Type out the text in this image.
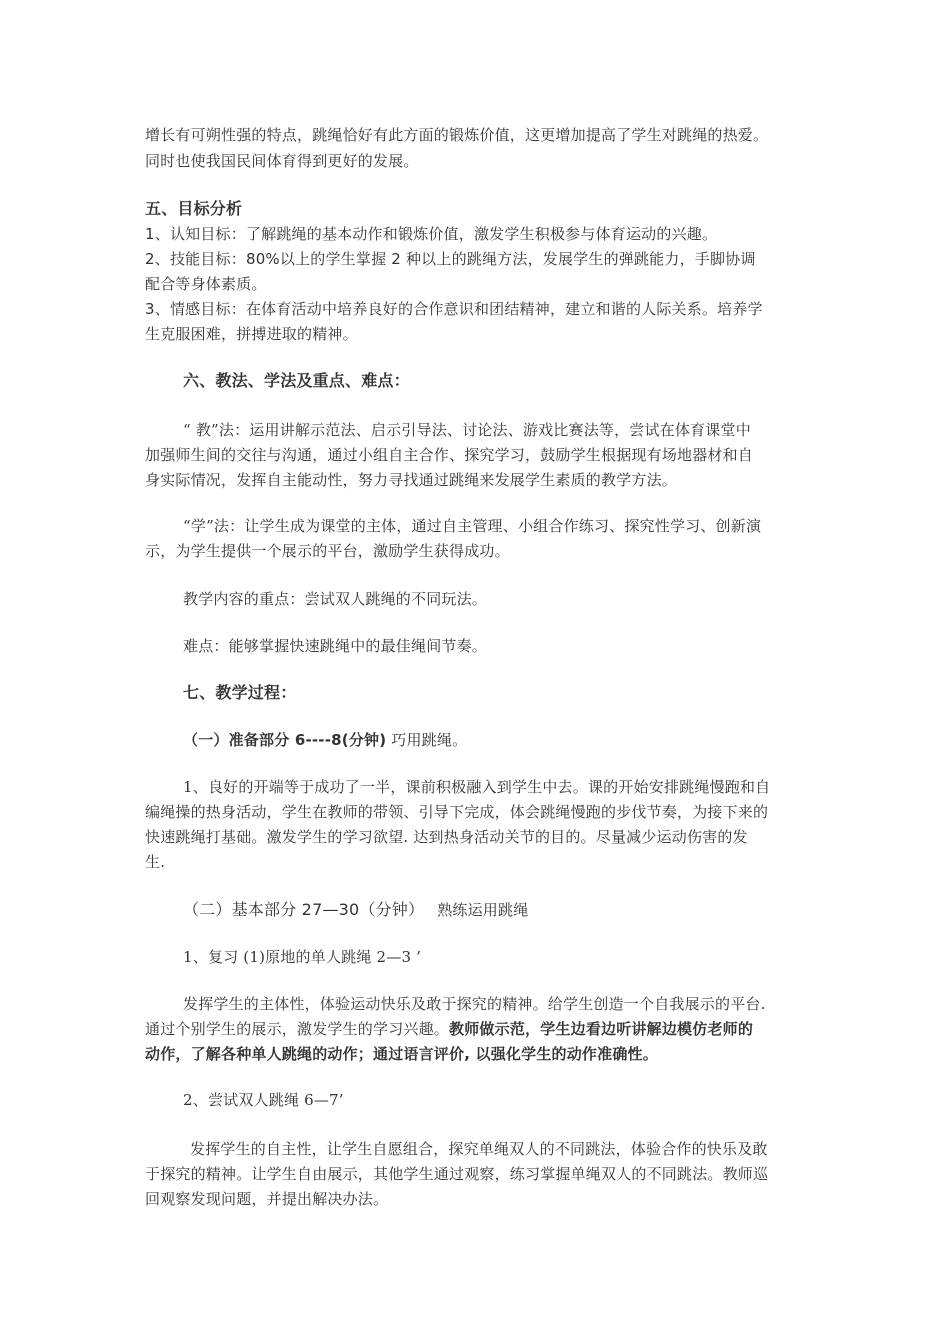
增长有可朔性强的特点，跳绳恰好有此方面的锻炼价值，这更增加提高了学生对跳绳的热爱。
同时也使我国民间体育得到更好的发展。
五、目标分析
1、认知目标：了解跳绳的基本动作和锻炼价值，激发学生积极参与体育运动的兴趣。
2、技能目标：80%以上的学生掌握 2 种以上的跳绳方法，发展学生的弹跳能力，手脚协调
配合等身体素质。
3、情感目标：在体育活动中培养良好的合作意识和团结精神，建立和谐的人际关系。培养学
生克服困难，拼搏进取的精神。
六、教法、学法及重点、难点：
“ 教”法：运用讲解示范法、启示引导法、讨论法、游戏比赛法等，尝试在体育课堂中
加强师生间的交往与沟通，通过小组自主合作、探究学习，鼓励学生根据现有场地器材和自
身实际情况，发挥自主能动性，努力寻找通过跳绳来发展学生素质的教学方法。
“学”法：让学生成为课堂的主体，通过自主管理、小组合作练习、探究性学习、创新演
示，为学生提供一个展示的平台，激励学生获得成功。
教学内容的重点：尝试双人跳绳的不同玩法。
难点：能够掌握快速跳绳中的最佳绳间节奏。
七、教学过程：
（一）准备部分 6----8(分钟) 巧用跳绳。
1、良好的开端等于成功了一半，课前积极融入到学生中去。课的开始安排跳绳慢跑和自
编绳操的热身活动，学生在教师的带领、引导下完成，体会跳绳慢跑的步伐节奏，为接下来的
快速跳绳打基础。激发学生的学习欲望. 达到热身活动关节的目的。尽量减少运动伤害的发
生.
（二）基本部分 27—30（分钟） 熟练运用跳绳
1、复习 (1)原地的单人跳绳 2—3 ’
发挥学生的主体性，体验运动快乐及敢于探究的精神。给学生创造一个自我展示的平台.
通过个别学生的展示，激发学生的学习兴趣。教师做示范，学生边看边听讲解边模仿老师的
动作，了解各种单人跳绳的动作；通过语言评价, 以强化学生的动作准确性。
2、尝试双人跳绳 6—7’
发挥学生的自主性，让学生自愿组合，探究单绳双人的不同跳法，体验合作的快乐及敢
于探究的精神。让学生自由展示，其他学生通过观察，练习掌握单绳双人的不同跳法。教师巡
回观察发现问题，并提出解决办法。
